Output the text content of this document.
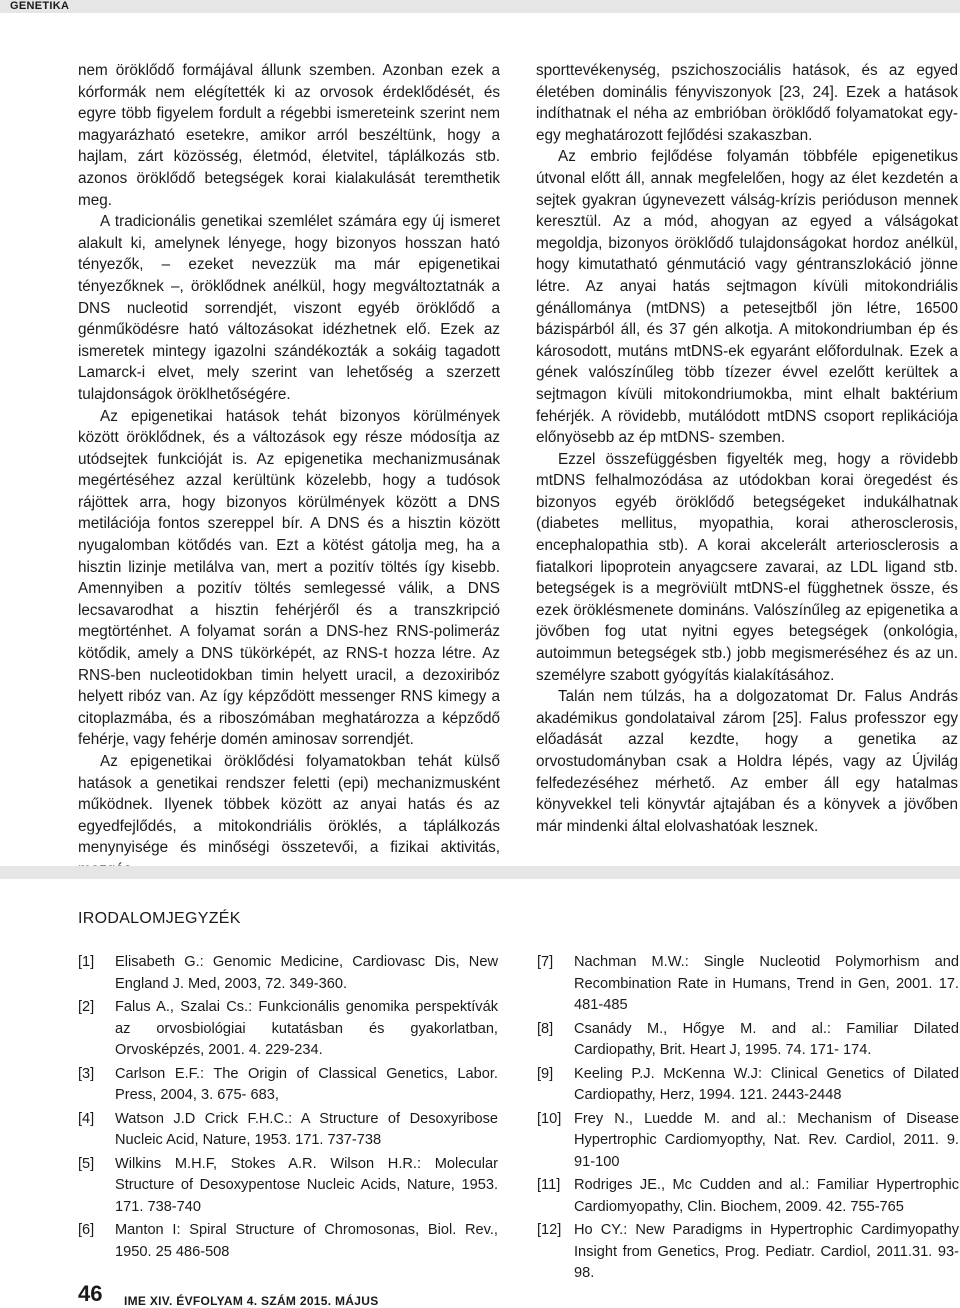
GENETIKA

nem öröklődő formájával állunk szemben. Azonban ezek a kórformák nem elégítették ki az orvosok érdeklődését, és egyre több figyelem fordult a régebbi ismereteink szerint nem magyarázható esetekre, amikor arról beszéltünk, hogy a hajlam, zárt közösség, életmód, életvitel, táplálkozás stb. azonos öröklődő betegségek korai kialakulását teremthetik meg.

A tradicionális genetikai szemlélet számára egy új ismeret alakult ki, amelynek lényege, hogy bizonyos hosszan ható tényezők, – ezeket nevezzük ma már epigenetikai tényezőknek –, öröklődnek anélkül, hogy megváltoztatnák a DNS nucleotid sorrendjét, viszont egyéb öröklődő a génműködésre ható változásokat idézhetnek elő. Ezek az ismeretek mintegy igazolni szándékozták a sokáig tagadott Lamarck-i elvet, mely szerint van lehetőség a szerzett tulajdonságok öröklhetőségére.

Az epigenetikai hatások tehát bizonyos körülmények között öröklődnek, és a változások egy része módosítja az utódsejtek funkcióját is. Az epigenetika mechanizmusának megértéséhez azzal kerültünk közelebb, hogy a tudósok rájöttek arra, hogy bizonyos körülmények között a DNS metilációja fontos szereppel bír. A DNS és a hisztin között nyugalomban kötődés van. Ezt a kötést gátolja meg, ha a hisztin lizinje metilálva van, mert a pozitív töltés így kisebb. Amennyiben a pozitív töltés semlegessé válik, a DNS lecsavarodhat a hisztin fehérjéről és a transzkripció megtörténhet. A folyamat során a DNS-hez RNS-polimeráz kötődik, amely a DNS tükörképét, az RNS-t hozza létre. Az RNS-ben nucleotidokban timin helyett uracil, a dezoxiribóz helyett ribóz van. Az így képződött messenger RNS kimegy a citoplazmába, és a riboszómában meghatározza a képződő fehérje, vagy fehérje domén aminosav sorrendjét.

Az epigenetikai öröklődési folyamatokban tehát külső hatások a genetikai rendszer feletti (epi) mechanizmusként működnek. Ilyenek többek között az anyai hatás és az egyedfejlődés, a mitokondriális öröklés, a táplálkozás menynyisége és minőségi összetevői, a fizikai aktivitás,

sporttevékenység, pszichoszociális hatások, és az egyed életében dominális fényviszonyok [23, 24]. Ezek a hatások indíthatnak el néha az embrióban öröklődő folyamatokat egy-egy meghatározott fejlődési szakaszban.

Az embrio fejlődése folyamán többféle epigenetikus útvonal előtt áll, annak megfelelően, hogy az élet kezdetén a sejtek gyakran úgynevezett válság-krízis perióduson mennek keresztül. Az a mód, ahogyan az egyed a válságokat megoldja, bizonyos öröklődő tulajdonságokat hordoz anélkül, hogy kimutatható génmutáció vagy géntranszlokáció jönne létre. Az anyai hatás sejtmagon kívüli mitokondriális génállománya (mtDNS) a petesejtből jön létre, 16500 bázispárból áll, és 37 gén alkotja. A mitokondriumban ép és károsodott, mutáns mtDNS-ek egyaránt előfordulnak. Ezek a gének valószínűleg több tízezer évvel ezelőtt kerültek a sejtmagon kívüli mitokondriumokba, mint elhalt baktérium fehérjék. A rövidebb, mutálódott mtDNS csoport replikációja előnyösebb az ép mtDNS- szemben.

Ezzel összefüggésben figyelték meg, hogy a rövidebb mtDNS felhalmozódása az utódokban korai öregedést és bizonyos egyéb öröklődő betegségeket indukálhatnak (diabetes mellitus, myopathia, korai atherosclerosis, encephalopathia stb). A korai akcelerált arteriosclerosis a fiatalkori lipoprotein anyagcsere zavarai, az LDL ligand stb. betegségek is a megröviült mtDNS-el függhetnek össze, és ezek öröklésmenete domináns. Valószínűleg az epigenetika a jövőben fog utat nyitni egyes betegségek (onkológia, autoimmun betegségek stb.) jobb megismeréséhez és az un. személyre szabott gyógyítás kialakításához.

Talán nem túlzás, ha a dolgozatomat Dr. Falus András akadémikus gondolataival zárom [25]. Falus professzor egy előadását azzal kezdte, hogy a genetika az orvostudományban csak a Holdra lépés, vagy az Újvilág felfedezéséhez mérhető. Az ember áll egy hatalmas könyvekkel teli könyvtár ajtajában és a könyvek a jövőben már mindenki által elolvashatóak lesznek.

IRODALOMJEGYZÉK
[1]	Elisabeth G.: Genomic Medicine, Cardiovasc Dis, New England J. Med, 2003, 72. 349-360.
[2]	Falus A., Szalai Cs.: Funkcionális genomika perspektívák az orvosbiológiai kutatásban és gyakorlatban, Orvosképzés, 2001. 4. 229-234.
[3]	Carlson E.F.: The Origin of Classical Genetics, Labor. Press, 2004, 3. 675- 683,
[4]	Watson J.D Crick F.H.C.: A Structure of Desoxyribose Nucleic Acid, Nature, 1953. 171. 737-738
[5]	Wilkins M.H.F, Stokes A.R. Wilson H.R.: Molecular Structure of Desoxypentose Nucleic Acids, Nature, 1953. 171. 738-740
[6]	Manton I: Spiral Structure of Chromosonas, Biol. Rev., 1950. 25 486-508
[7]	Nachman M.W.: Single Nucleotid Polymorhism and Recombination Rate in Humans, Trend in Gen, 2001. 17. 481-485
[8]	Csanády M., Hőgye M. and al.: Familiar Dilated Cardiopathy, Brit. Heart J, 1995. 74. 171- 174.
[9]	Keeling P.J. McKenna W.J: Clinical Genetics of Dilated Cardiopathy, Herz, 1994. 121. 2443-2448
[10] Frey N., Luedde M. and al.: Mechanism of Disease Hypertrophic Cardiomyopthy, Nat. Rev. Cardiol, 2011. 9. 91-100
[11] Rodriges JE., Mc Cudden and al.: Familiar Hypertrophic Cardiomyopathy, Clin. Biochem, 2009. 42. 755-765
[12] Ho CY.: New Paradigms in Hypertrophic Cardimyopathy Insight from Genetics, Prog. Pediatr. Cardiol, 2011.31. 93-98.
46 IME XIV. ÉVFOLYAM 4. SZÁM 2015. MÁJUS
